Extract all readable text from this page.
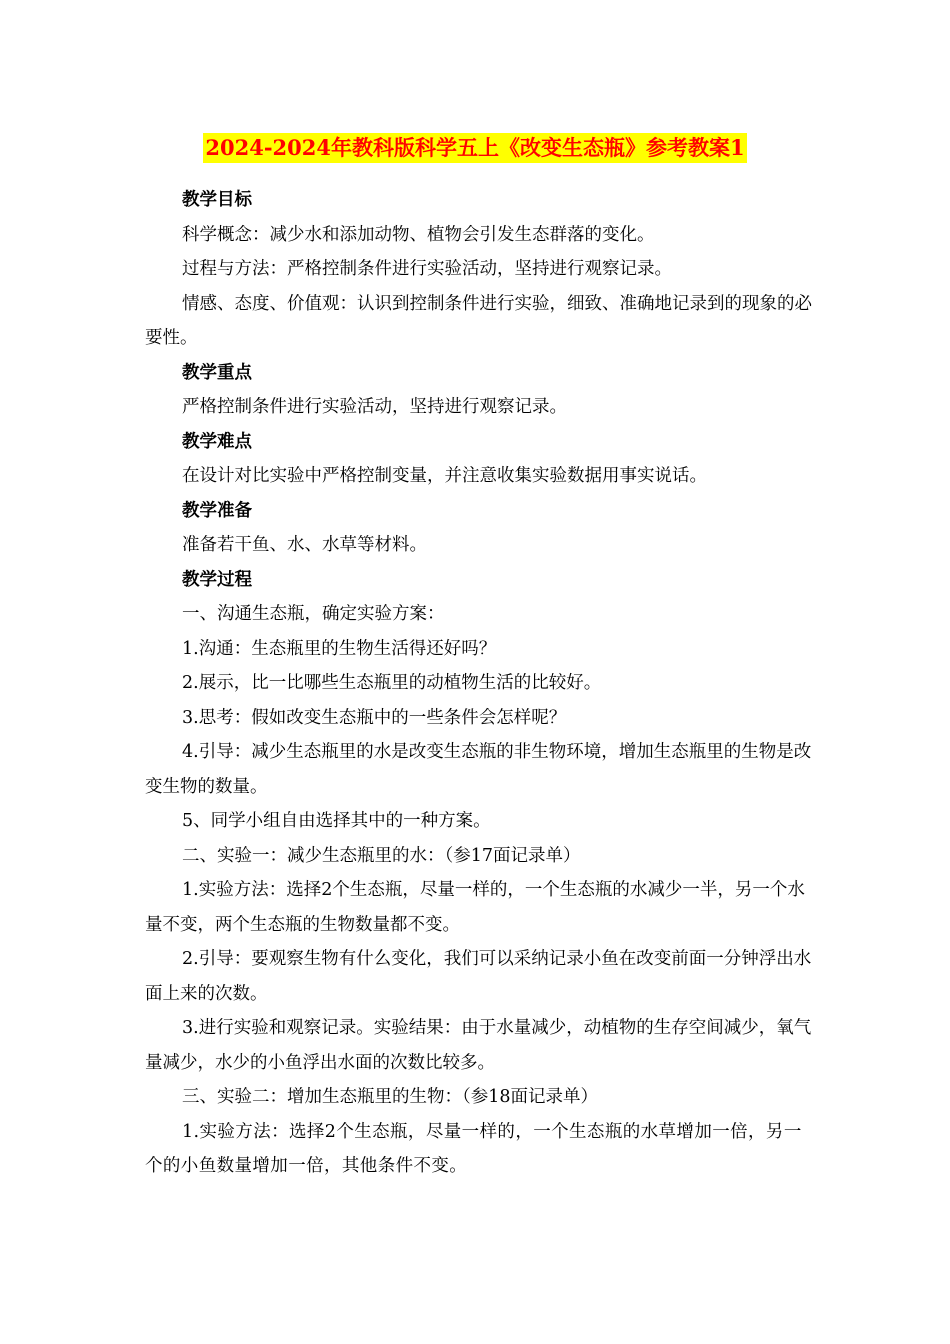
2024-2024年教科版科学五上《改变生态瓶》参考教案1

教学目标

科学概念：减少水和添加动物、植物会引发生态群落的变化。

过程与方法：严格控制条件进行实验活动，坚持进行观察记录。

情感、态度、价值观：认识到控制条件进行实验，细致、准确地记录到的现象的必要性。

教学重点

严格控制条件进行实验活动，坚持进行观察记录。

教学难点

在设计对比实验中严格控制变量，并注意收集实验数据用事实说话。

教学准备

准备若干鱼、水、水草等材料。

教学过程

一、沟通生态瓶，确定实验方案：

1.沟通：生态瓶里的生物生活得还好吗？

2.展示，比一比哪些生态瓶里的动植物生活的比较好。

3.思考：假如改变生态瓶中的一些条件会怎样呢？

4.引导：减少生态瓶里的水是改变生态瓶的非生物环境，增加生态瓶里的生物是改变生物的数量。

5、同学小组自由选择其中的一种方案。

二、实验一：减少生态瓶里的水：（参17面记录单）

1.实验方法：选择2个生态瓶，尽量一样的，一个生态瓶的水减少一半，另一个水量不变，两个生态瓶的生物数量都不变。

2.引导：要观察生物有什么变化，我们可以采纳记录小鱼在改变前面一分钟浮出水面上来的次数。

3.进行实验和观察记录。实验结果：由于水量减少，动植物的生存空间减少，氧气量减少，水少的小鱼浮出水面的次数比较多。

三、实验二：增加生态瓶里的生物：（参18面记录单）

1.实验方法：选择2个生态瓶，尽量一样的，一个生态瓶的水草增加一倍，另一个的小鱼数量增加一倍，其他条件不变。
